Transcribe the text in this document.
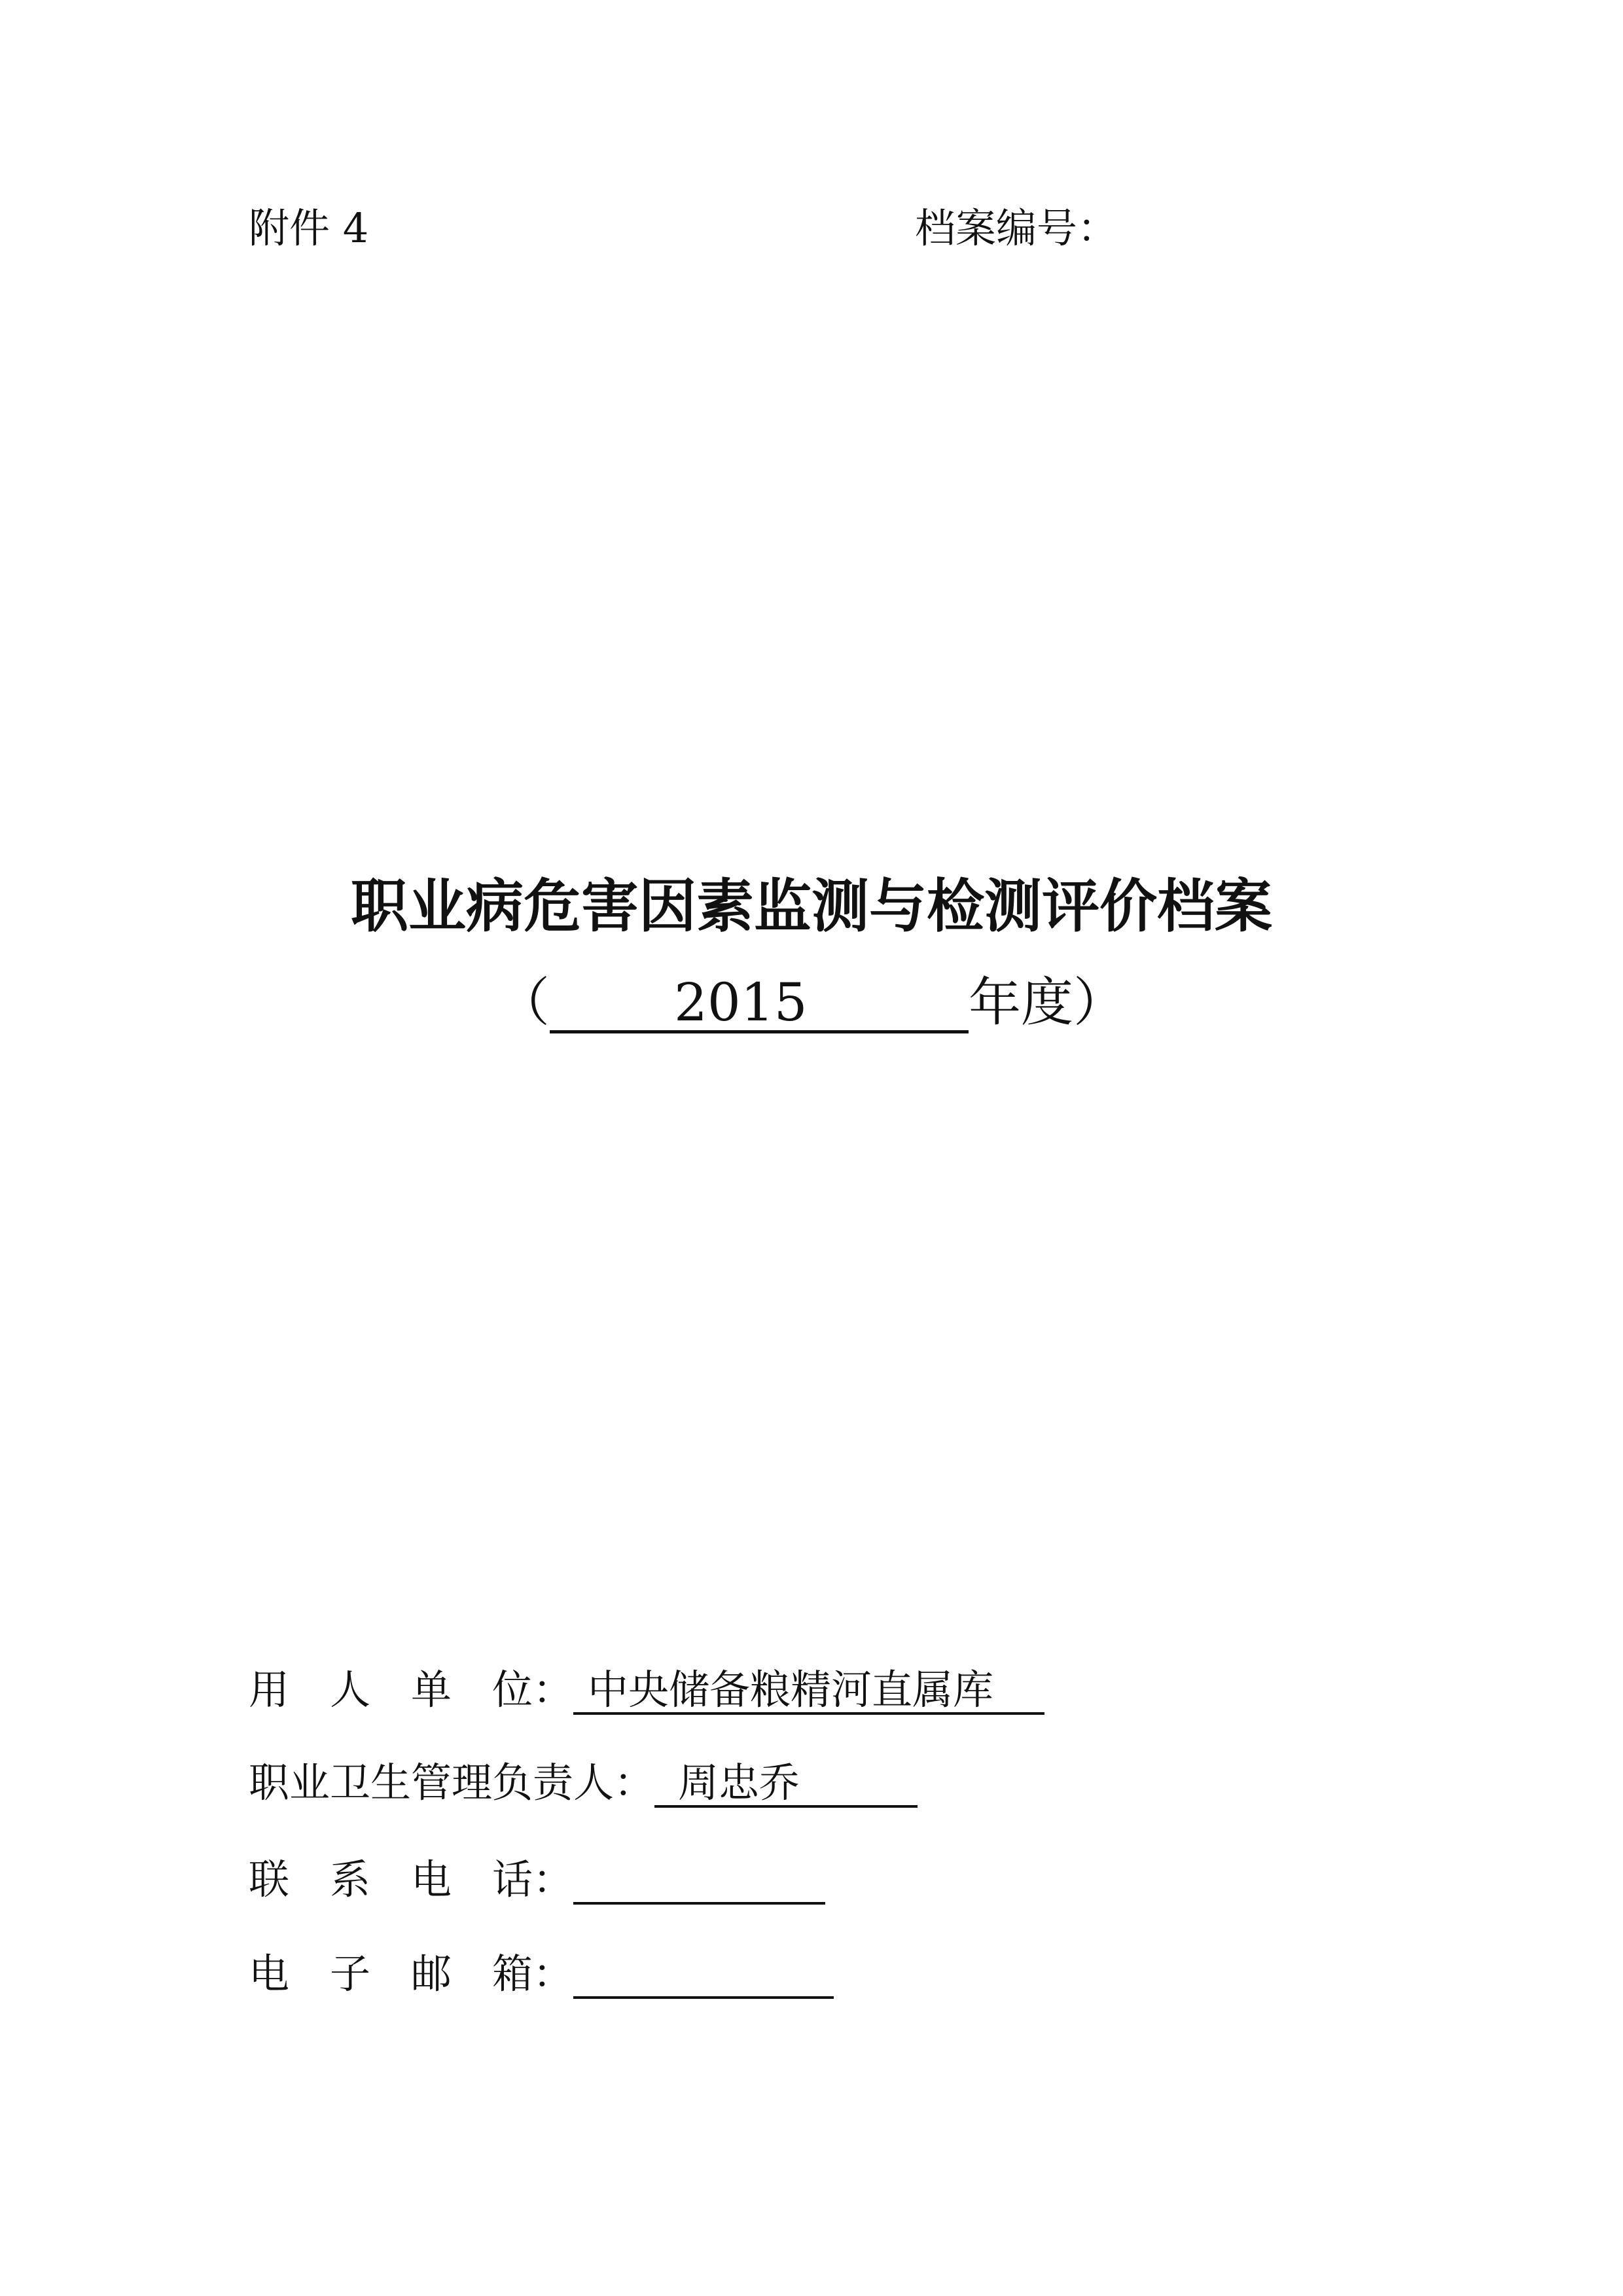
附件 4	档案编号：
职业病危害因素监测与检测评价档案
（ 2015	年度）
用　人　单　位： 中央储备粮精河直属库
职业卫生管理负责人： 周忠乔
联　系　电　话：
电　子　邮　箱：
